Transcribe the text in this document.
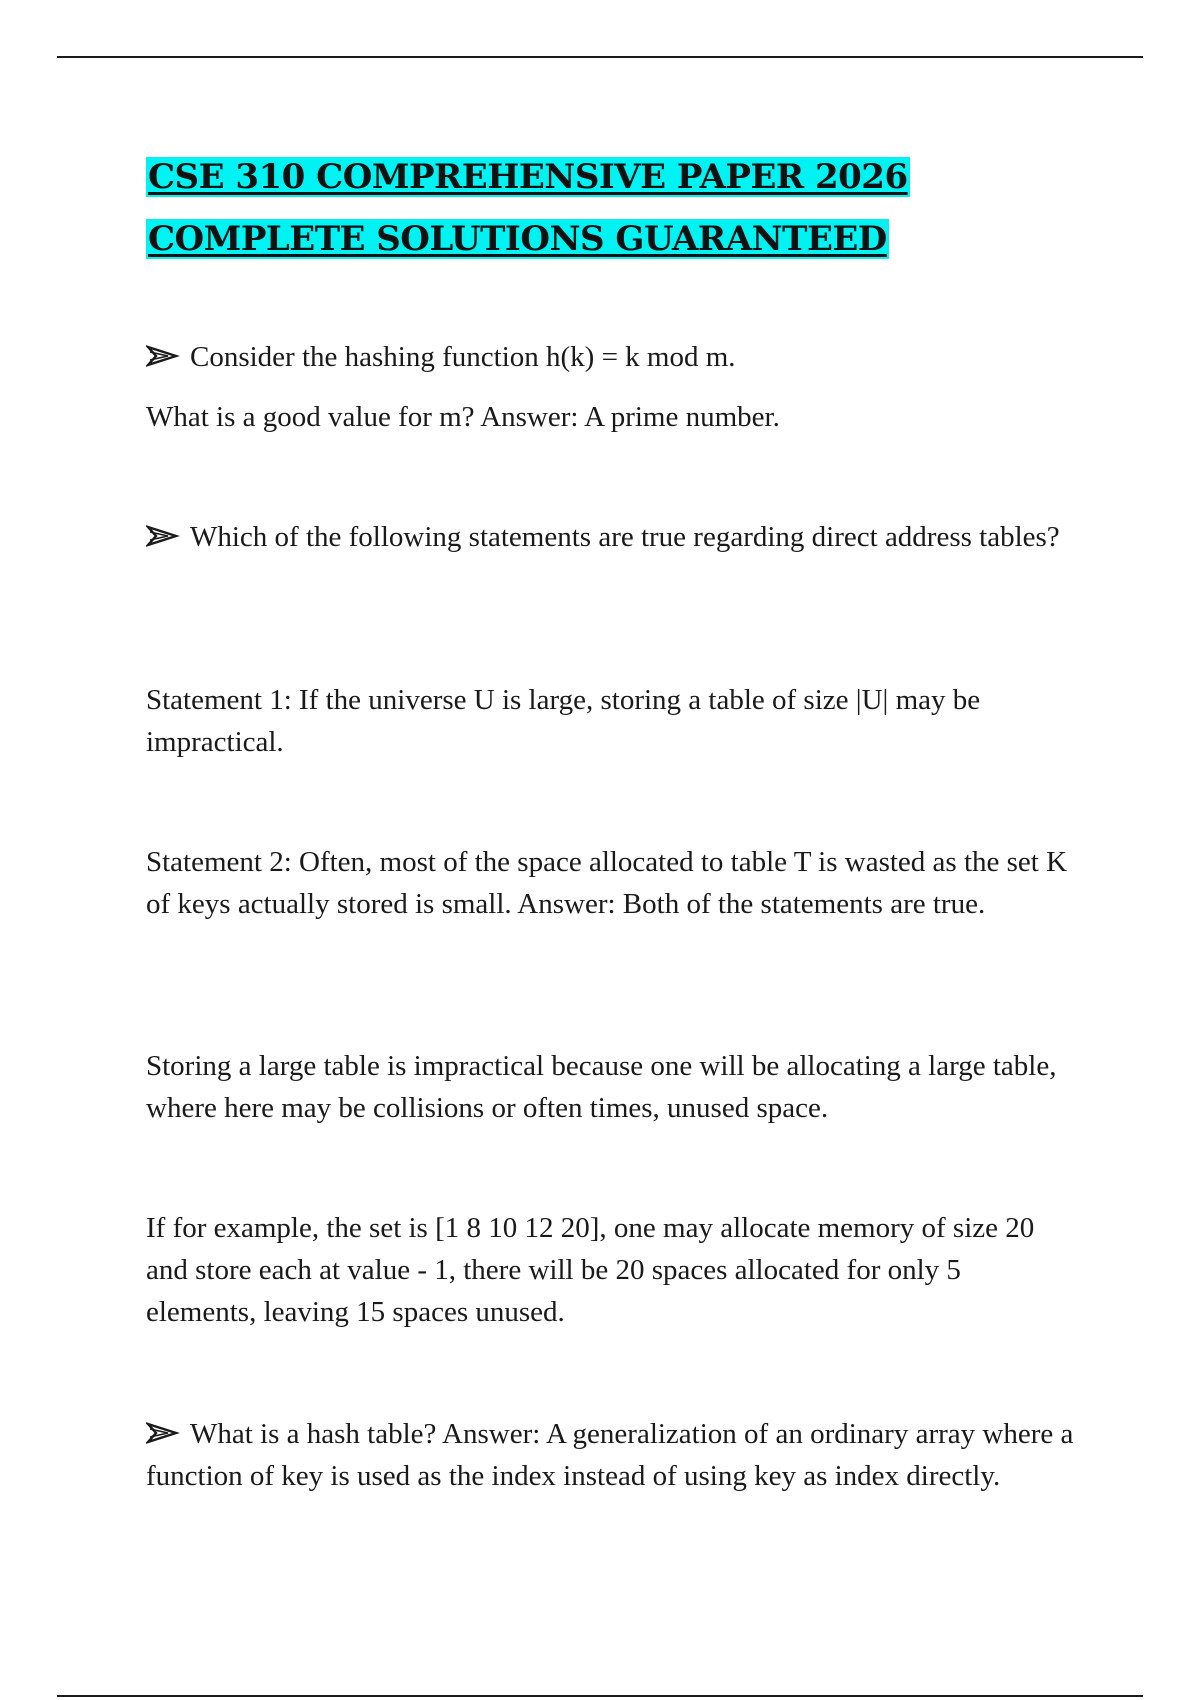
CSE 310 COMPREHENSIVE PAPER 2026
COMPLETE SOLUTIONS GUARANTEED

Consider the hashing function h(k) = k mod m.

What is a good value for m? Answer: A prime number.

Which of the following statements are true regarding direct address tables?

Statement 1: If the universe U is large, storing a table of size |U| may be impractical.

Statement 2: Often, most of the space allocated to table T is wasted as the set K of keys actually stored is small. Answer: Both of the statements are true.

Storing a large table is impractical because one will be allocating a large table, where here may be collisions or often times, unused space.

If for example, the set is [1 8 10 12 20], one may allocate memory of size 20 and store each at value - 1, there will be 20 spaces allocated for only 5 elements, leaving 15 spaces unused.

What is a hash table? Answer: A generalization of an ordinary array where a function of key is used as the index instead of using key as index directly.
